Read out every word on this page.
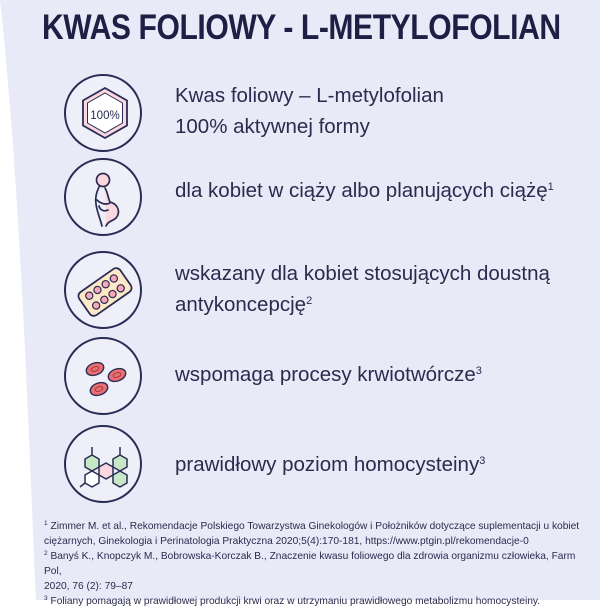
KWAS FOLIOWY - L-METYLOFOLIAN
100%
Kwas foliowy – L-metylofolian
100% aktywnej formy
dla kobiet w ciąży albo planujących ciążę$^1$
wskazany dla kobiet stosujących doustną
antykoncepcję$^2$
wspomaga procesy krwiotwórcze$^3$
prawidłowy poziom homocysteiny$^3$

$^1$ Zimmer M. et al., Rekomendacje Polskiego Towarzystwa Ginekologów i Położników dotyczące suplementacji u kobiet
ciężarnych, Ginekologia i Perinatologia Praktyczna 2020;5(4):170-181, https://www.ptgin.pl/rekomendacje-0

$^2$ Banyś K., Knopczyk M., Bobrowska-Korczak B., Znaczenie kwasu foliowego dla zdrowia organizmu człowieka, Farm Pol,
2020, 76 (2): 79–87

$^3$ Foliany pomagają w prawidłowej produkcji krwi oraz w utrzymaniu prawidłowego metabolizmu homocysteiny.
